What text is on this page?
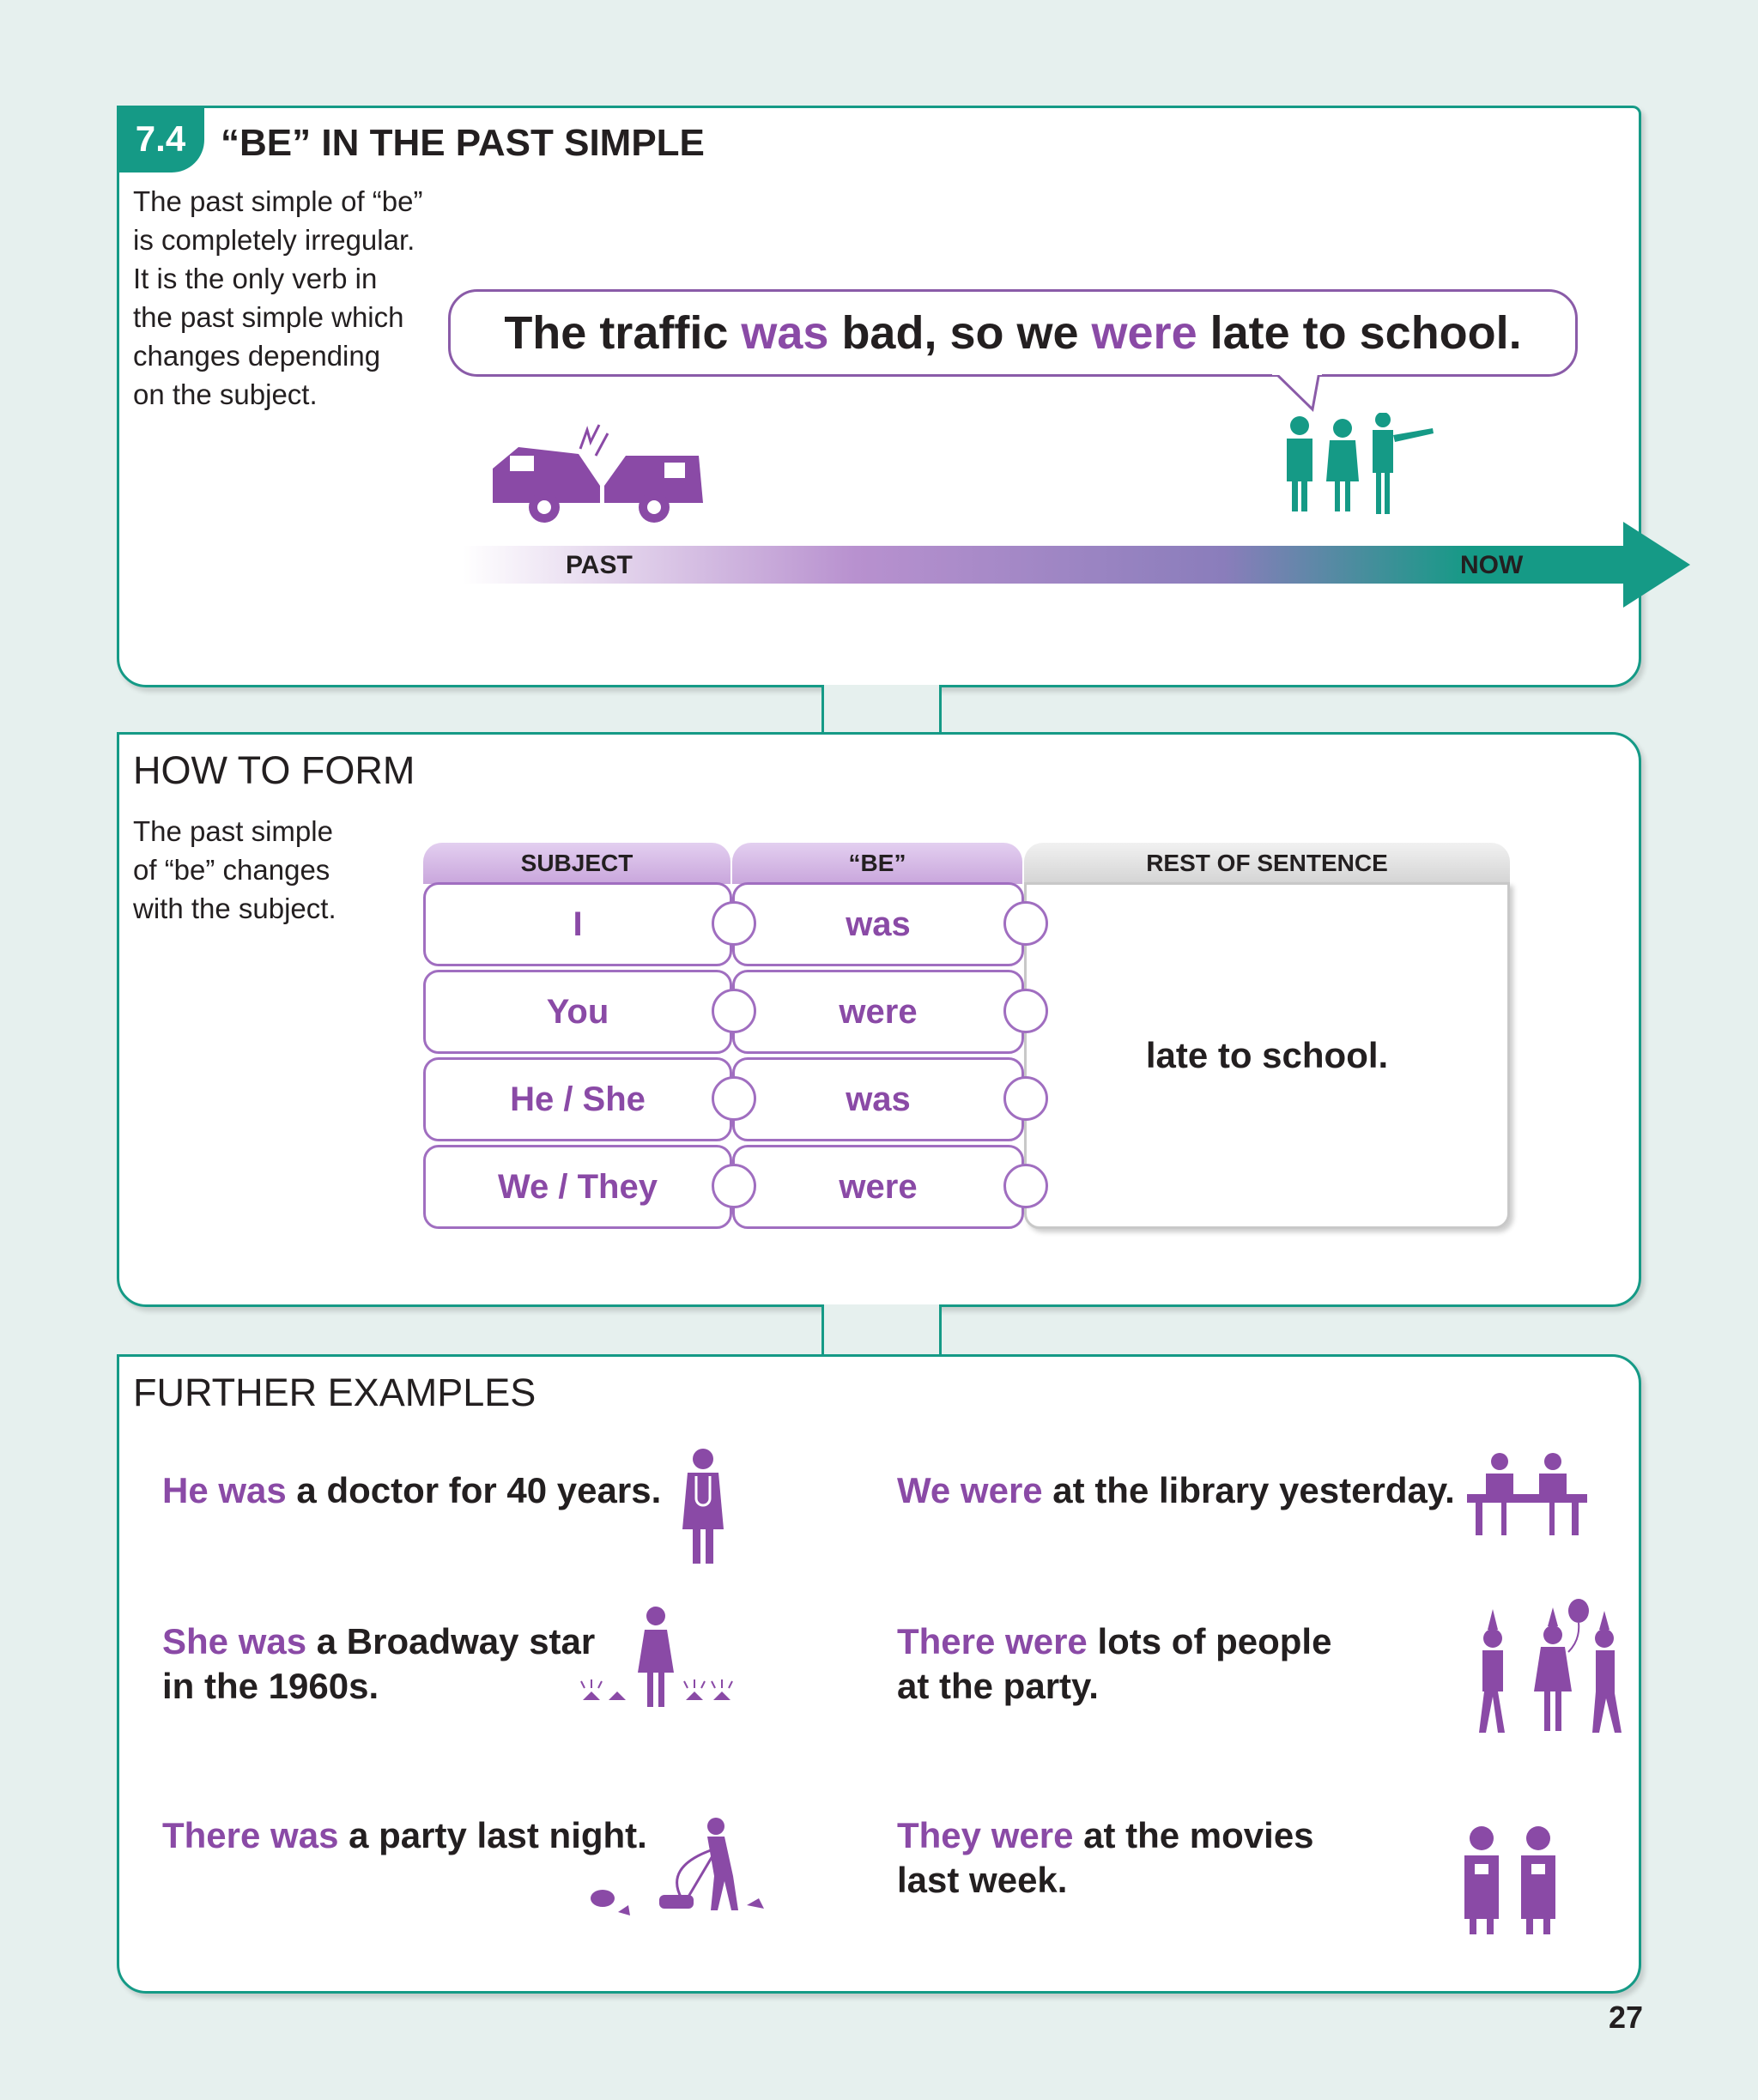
7.4 “BE” IN THE PAST SIMPLE
The past simple of “be”
is completely irregular.
It is the only verb in
the past simple which
changes depending
on the subject.
The traffic was bad, so we were late to school.
PAST	NOW
HOW TO FORM
The past simple
of “be” changes
with the subject.
SUBJECT	“BE”	REST OF SENTENCE
late to school.
I	was
You	were
He / She	was
We / They	were
FURTHER EXAMPLES
He was a doctor for 40 years.	We were at the library yesterday.
She was a Broadway star
in the 1960s.
There were lots of people
at the party.
There was a party last night.	They were at the movies
last week.
27
